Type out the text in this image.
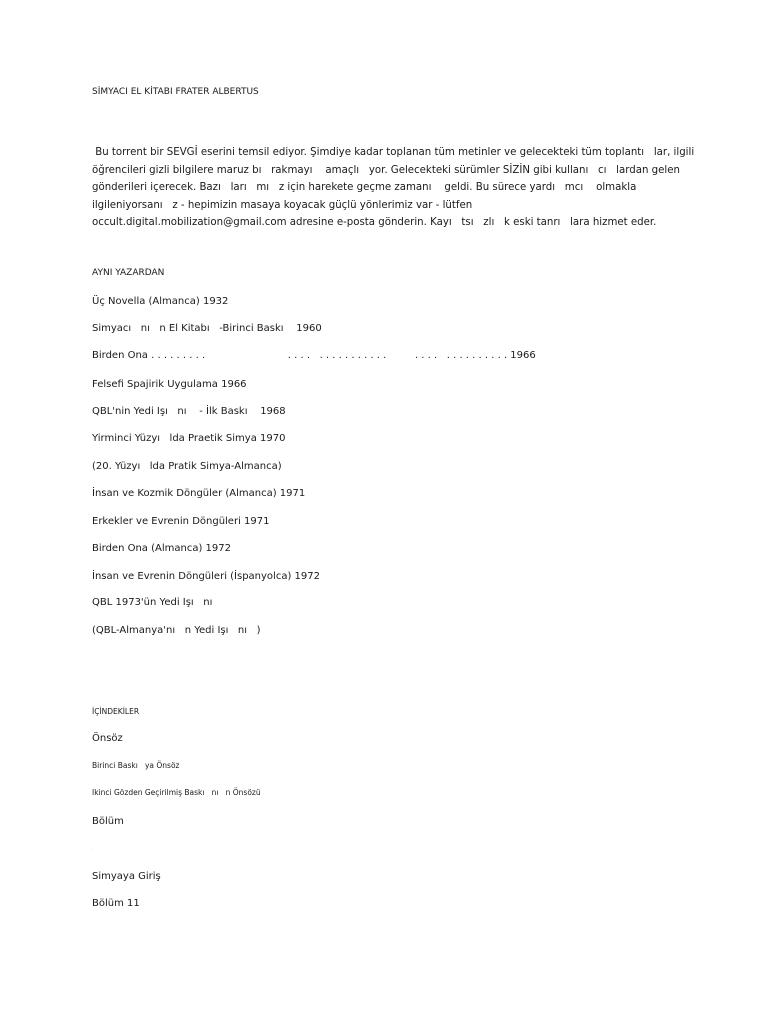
SİMYACI EL KİTABI FRATER ALBERTUS
Bu torrent bir SEVGİ eserini temsil ediyor. Şimdiye kadar toplanan tüm metinler ve gelecekteki tüm toplantı   lar, ilgili
öğrencileri gizli bilgilere maruz bı   rakmayı    amaçlı   yor. Gelecekteki sürümler SİZİN gibi kullanı   cı   lardan gelen
gönderileri içerecek. Bazı   ları   mı   z için harekete geçme zamanı    geldi. Bu sürece yardı   mcı    olmakla
ilgileniyorsanı   z - hepimizin masaya koyacak güçlü yönlerimiz var - lütfen
occult.digital.mobilization@gmail.com adresine e-posta gönderin. Kayı   tsı   zlı   k eski tanrı   lara hizmet eder.
AYNI YAZARDAN
Üç Novella (Almanca) 1932
Simyacı   nı   n El Kitabı   -Birinci Baskı    1960
Birden Ona . . . . . . . . .                          . . . .   . . . . . . . . . . .         . . . .   . . . . . . . . . . 1966
Felsefi Spajirik Uygulama 1966
QBL'nin Yedi Işı   nı    - İlk Baskı    1968
Yirminci Yüzyı   lda Praetik Simya 1970
(20. Yüzyı   lda Pratik Simya-Almanca)
İnsan ve Kozmik Döngüler (Almanca) 1971
Erkekler ve Evrenin Döngüleri 1971
Birden Ona (Almanca) 1972
İnsan ve Evrenin Döngüleri (İspanyolca) 1972
QBL 1973'ün Yedi Işı   nı
(QBL-Almanya'nı   n Yedi Işı   nı   )
İÇİNDEKİLER
Önsöz
Birinci Baskı   ya Önsöz
Ikinci Gözden Geçirilmiş Baskı   nı   n Önsözü
Bölüm
.
Simyaya Giriş
Bölüm 11
